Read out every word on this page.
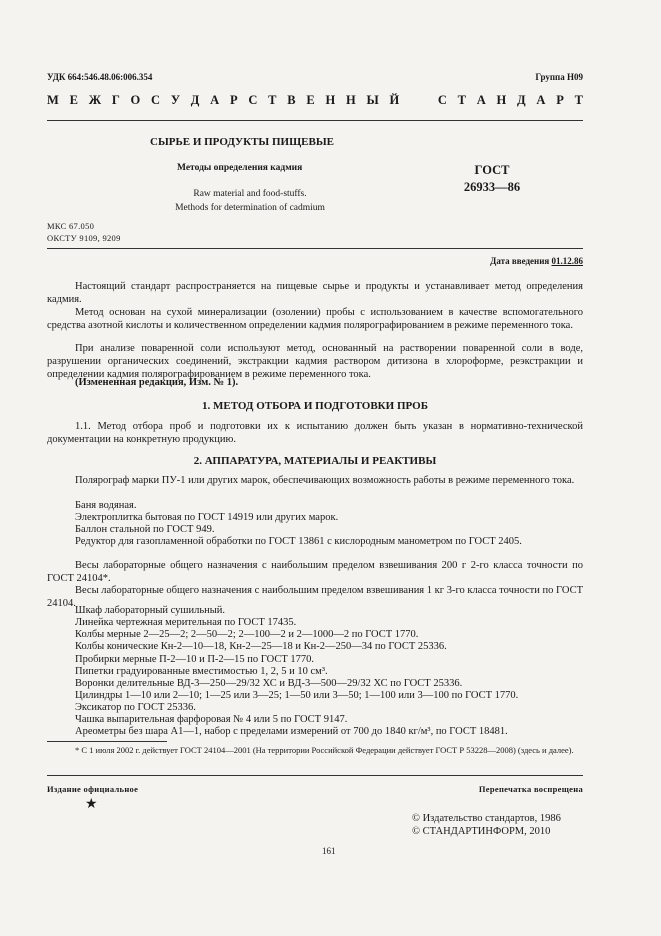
УДК 664:546.48.06:006.354	Группа Н09
М Е Ж Г О С У Д А Р С Т В Е Н Н Ы Й

	С Т А Н Д А Р Т
СЫРЬЕ И ПРОДУКТЫ ПИЩЕВЫЕ
Методы определения кадмия
Raw material and food-stuffs.
Methods for determination of cadmium
ГОСТ
26933—86
МКС 67.050
ОКСТУ 9109, 9209
Дата введения 01.12.86
Настоящий стандарт распространяется на пищевые сырье и продукты и устанавливает метод определения кадмия.
Метод основан на сухой минерализации (озолении) пробы с использованием в качестве вспомогательного средства азотной кислоты и количественном определении кадмия полярографированием в режиме переменного тока.
При анализе поваренной соли используют метод, основанный на растворении поваренной соли в воде, разрушении органических соединений, экстракции кадмия раствором дитизона в хлороформе, реэкстракции и определении кадмия полярографированием в режиме переменного тока.
(Измененная редакция, Изм. № 1).
1. МЕТОД ОТБОРА И ПОДГОТОВКИ ПРОБ
1.1. Метод отбора проб и подготовки их к испытанию должен быть указан в нормативно-технической документации на конкретную продукцию.
2. АППАРАТУРА, МАТЕРИАЛЫ И РЕАКТИВЫ
Полярограф марки ПУ-1 или других марок, обеспечивающих возможность работы в режиме переменного тока.
Баня водяная.
Электроплитка бытовая по ГОСТ 14919 или других марок.
Баллон стальной по ГОСТ 949.
Редуктор для газопламенной обработки по ГОСТ 13861 с кислородным манометром по ГОСТ 2405.
Весы лабораторные общего назначения с наибольшим пределом взвешивания 200 г 2-го класса точности по ГОСТ 24104*.
Весы лабораторные общего назначения с наибольшим пределом взвешивания 1 кг 3-го класса точности по ГОСТ 24104.
Шкаф лабораторный сушильный.
Линейка чертежная мерительная по ГОСТ 17435.
Колбы мерные 2—25—2; 2—50—2; 2—100—2 и 2—1000—2 по ГОСТ 1770.
Колбы конические Кн-2—10—18, Кн-2—25—18 и Кн-2—250—34 по ГОСТ 25336.
Пробирки мерные П-2—10 и П-2—15 по ГОСТ 1770.
Пипетки градуированные вместимостью 1, 2, 5 и 10 см³.
Воронки делительные ВД-3—250—29/32 ХС и ВД-3—500—29/32 ХС по ГОСТ 25336.
Цилиндры 1—10 или 2—10; 1—25 или 3—25; 1—50 или 3—50; 1—100 или 3—100 по ГОСТ 1770.
Эксикатор по ГОСТ 25336.
Чашка выпарительная фарфоровая № 4 или 5 по ГОСТ 9147.
Ареометры без шара А1—1, набор с пределами измерений от 700 до 1840 кг/м³, по ГОСТ 18481.
* С 1 июля 2002 г. действует ГОСТ 24104—2001 (На территории Российской Федерации действует ГОСТ Р 53228—2008) (здесь и далее).
Издание официальное	Перепечатка воспрещена
★
© Издательство стандартов, 1986
© СТАНДАРТИНФОРМ, 2010
161
